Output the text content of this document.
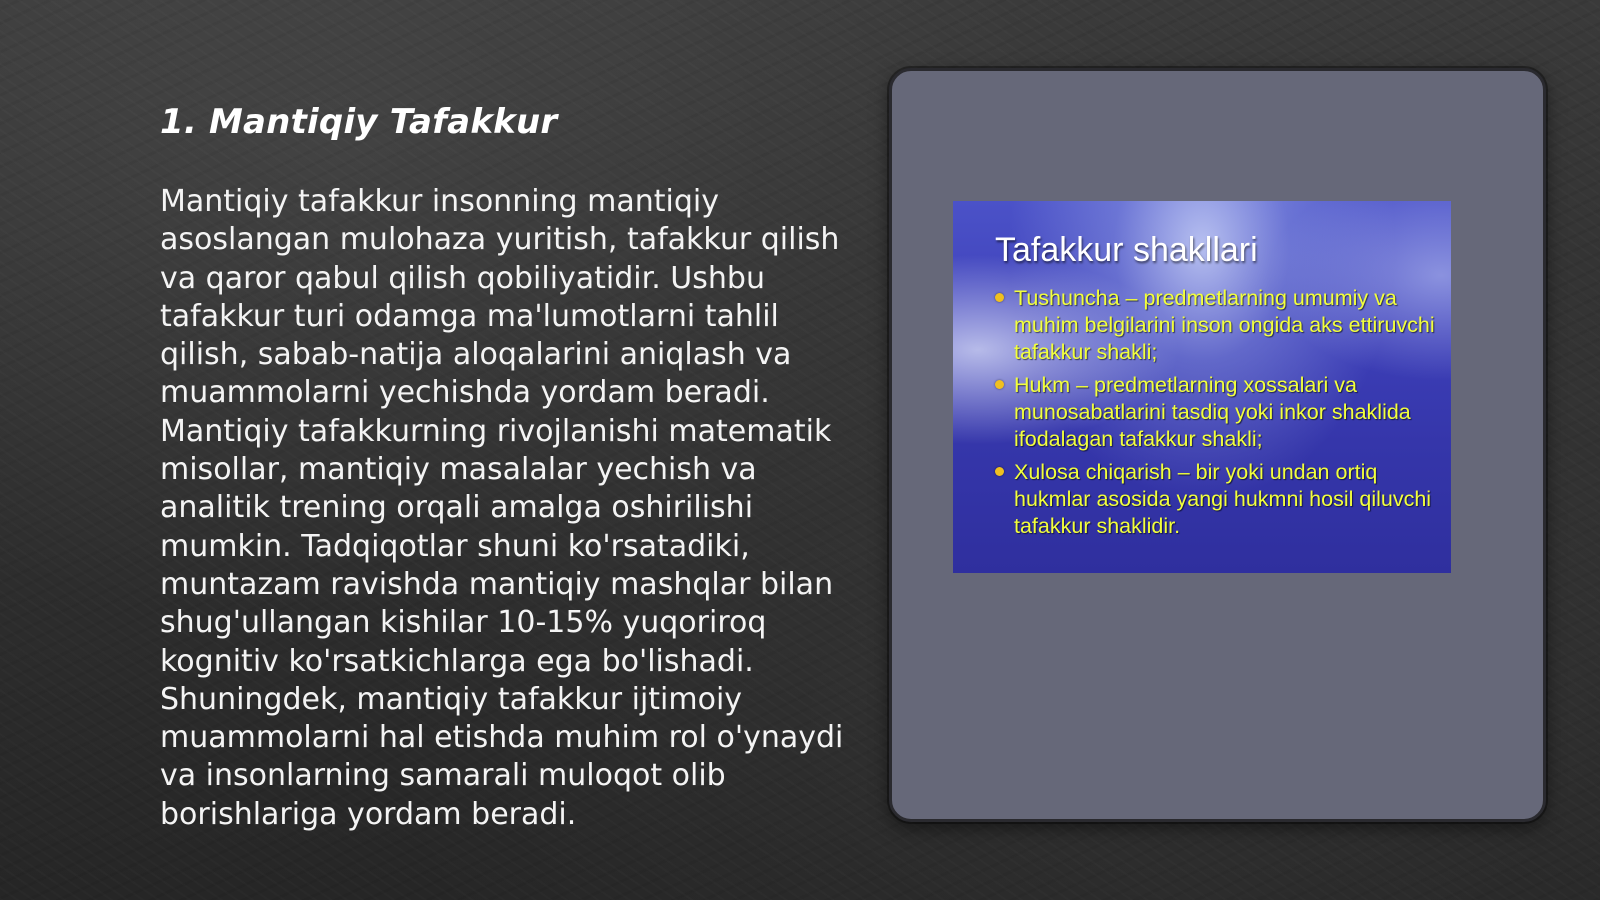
1. Mantiqiy Tafakkur

Mantiqiy tafakkur insonning mantiqiy asoslangan mulohaza yuritish, tafakkur qilish va qaror qabul qilish qobiliyatidir. Ushbu tafakkur turi odamga ma'lumotlarni tahlil qilish, sabab-natija aloqalarini aniqlash va muammolarni yechishda yordam beradi. Mantiqiy tafakkurning rivojlanishi matematik misollar, mantiqiy masalalar yechish va analitik trening orqali amalga oshirilishi mumkin. Tadqiqotlar shuni ko'rsatadiki, muntazam ravishda mantiqiy mashqlar bilan shug'ullangan kishilar 10-15% yuqoriroq kognitiv ko'rsatkichlarga ega bo'lishadi. Shuningdek, mantiqiy tafakkur ijtimoiy muammolarni hal etishda muhim rol o'ynaydi va insonlarning samarali muloqot olib borishlariga yordam beradi.

Tafakkur shakllari
Tushuncha – predmetlarning umumiy va muhim belgilarini inson ongida aks ettiruvchi tafakkur shakli;
Hukm – predmetlarning xossalari va munosabatlarini tasdiq yoki inkor shaklida ifodalagan tafakkur shakli;
Xulosa chiqarish – bir yoki undan ortiq hukmlar asosida yangi hukmni hosil qiluvchi tafakkur shaklidir.
